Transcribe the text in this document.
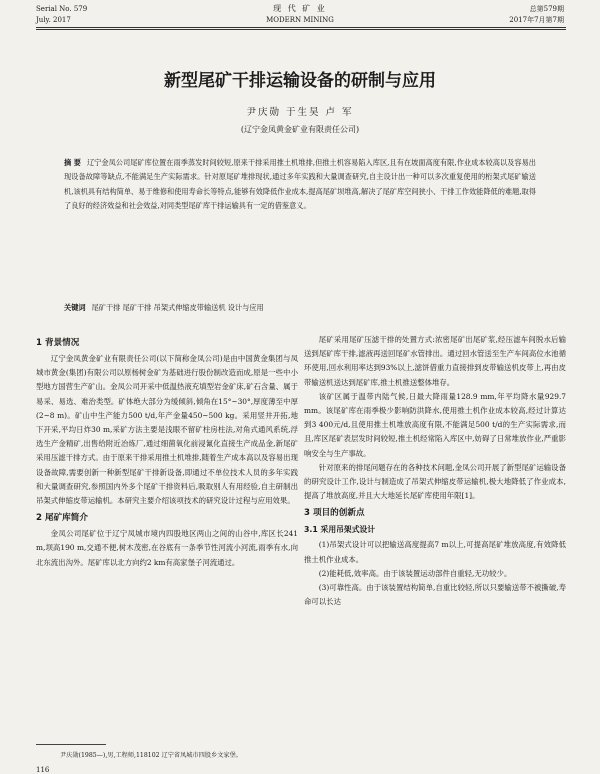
Serial No. 579
July. 2017
现 代 矿 业
MODERN MINING
总第579期
2017年7月第7期
新型尾矿干排运输设备的研制与应用
尹庆勋 于生昊 卢 军
(辽宁金凤黄金矿业有限责任公司)
摘 要 辽宁金凤公司尾矿库位置在雨季蒸发时间较短,原来干排采用推土机堆排,但推土机容易陷入库区,且有在坡面高度有限,作业成本较高以及容易出现设备故障等缺点,不能满足生产实际需求。针对原尾矿堆排现状,通过多年实践和大量调查研究,自主设计出一种可以多次重复使用的桁架式尾矿输送机,该机具有结构简单、易于维修和使用寿命长等特点,能够有效降低作业成本,提高尾矿坝堆高,解决了尾矿库空间狭小、干排工作效能降低的难题,取得了良好的经济效益和社会效益,对同类型尾矿库干排运输具有一定的借鉴意义。
关键词 尾矿干排 尾矿干排 吊架式伸缩皮带输送机 设计与应用
1 背景情况

辽宁金凤黄金矿业有限责任公司(以下简称金凤公司)是由中国黄金集团与凤城市黄金(集团)有限公司以原杨树金矿为基础进行股份制改造而成,原是一些中小型地方国营生产矿山。金凤公司开采中低温热液充填型岩金矿床,矿石含量、属于易采、易选、难治类型。矿体绝大部分为缓倾斜,倾角在15°~30°,厚度薄至中厚(2~8 m)。矿山中生产能力500 t/d,年产金量450~500 kg。采用竖井开拓,地下开采,平均日炸30 m,采矿方法主要是浅眼不留矿柱房柱法,对角式通风系统,浮选生产金精矿,出售给附近冶炼厂,通过细菌氧化前浸氰化直接生产成品金,新尾矿采用压滤干排方式。由于原来干排采用推土机堆排,随着生产成本高以及容易出现设备故障,需要创新一种新型尾矿干排新设备,即通过不单位技术人员的多年实践和大量调查研究,参照国内外多个尾矿干排资料后,吸取别人有用经验,自主研制出吊架式伸缩皮带运输机。本研究主要介绍该项技术的研究设计过程与应用效果。

2 尾矿库简介

金凤公司尾矿位于辽宁凤城市境内四股地区两山之间的山谷中,库区长241 m,坝高190 m,交通不便,树木茂密,在谷底有一条季节性河流小河流,雨季有水,向北东流出沟外。尾矿库以北方向约2 km有高家堡子河流通过。

尾矿采用尾矿压滤干排的处置方式:浓密尾矿出尾矿浆,经压滤车间脱水后输送到尾矿库干排,滤液再送回尾矿水管排出。通过回水管送至生产车间高位水池循环使用,回水利用率达到93%以上,滤饼借重力直接排到皮带输送机皮带上,再由皮带输送机送达到尾矿库,推土机推送整体堆存。

该矿区属于温带内陆气候,日最大降雨量128.9 mm,年平均降水量929.7 mm。该尾矿库在雨季极少影响防洪降水,使用推土机作业成本较高,经过计算达到3 400元/d,且使用推土机堆放高度有限,不能满足500 t/d的生产实际需求,而且,库区尾矿表层发时间较短,推土机经常陷入库区中,妨碍了日常堆放作业,严重影响安全与生产事故。

针对原来的排尾问题存在的各种技术问题,金凤公司开展了新型尾矿运输设备的研究设计工作,设计与制造成了吊架式伸缩皮带运输机,极大地降低了作业成本,提高了堆放高度,并且大大地延长尾矿库使用年限[1]。

3 项目的创新点
3.1 采用吊架式设计

(1)吊架式设计可以把输送高度提高7 m以上,可提高尾矿堆放高度,有效降低推土机作业成本。

(2)能耗低,效率高。由于该装置运动部件自重轻,无功较少。

(3)可靠性高。由于该装置结构简单,自重比较轻,所以只要输送带不被撕破,寿命可以长达

尹庆勋(1985—),男,工程师,118102 辽宁省凤城市四股乡文家堡。
116
